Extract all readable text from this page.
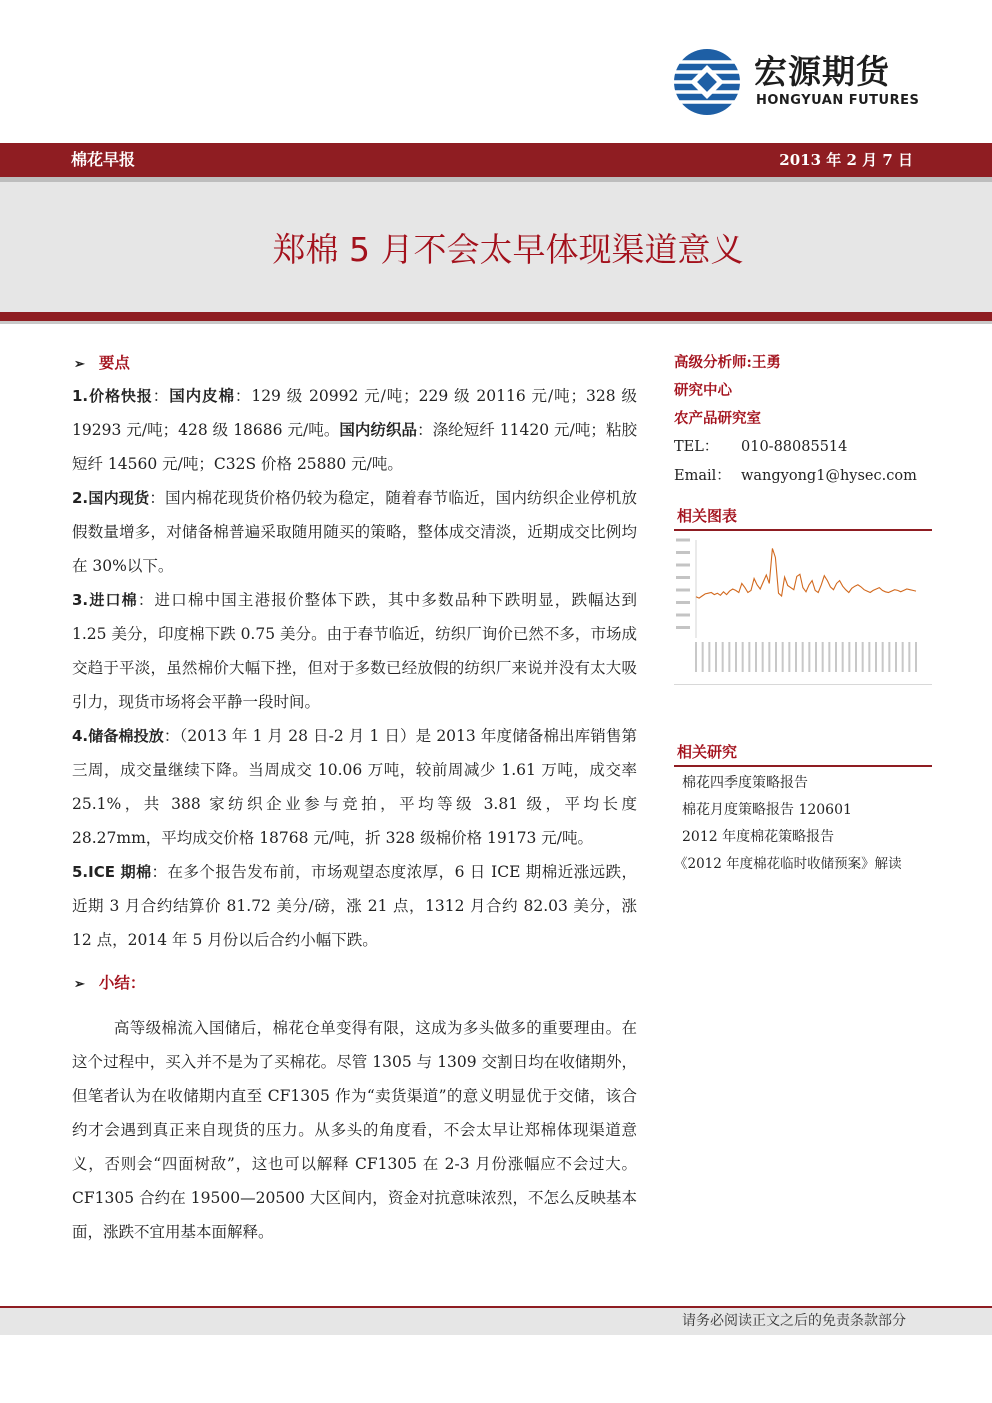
宏源期货
HONGYUAN FUTURES
棉花早报	2013 年 2 月 7 日
郑棉 5 月不会太早体现渠道意义
➢ 要点

1.价格快报：国内皮棉：129 级 20992 元/吨；229 级 20116 元/吨；328 级 19293 元/吨；428 级 18686 元/吨。国内纺织品：涤纶短纤 11420 元/吨；粘胶短纤 14560 元/吨；C32S 价格 25880 元/吨。

2.国内现货：国内棉花现货价格仍较为稳定，随着春节临近，国内纺织企业停机放假数量增多，对储备棉普遍采取随用随买的策略，整体成交清淡，近期成交比例均在 30%以下。

3.进口棉：进口棉中国主港报价整体下跌，其中多数品种下跌明显，跌幅达到 1.25 美分，印度棉下跌 0.75 美分。由于春节临近，纺织厂询价已然不多，市场成交趋于平淡，虽然棉价大幅下挫，但对于多数已经放假的纺织厂来说并没有太大吸引力，现货市场将会平静一段时间。

4.储备棉投放：（2013 年 1 月 28 日-2 月 1 日）是 2013 年度储备棉出库销售第三周，成交量继续下降。当周成交 10.06 万吨，较前周减少 1.61 万吨，成交率 25.1%，共 388 家纺织企业参与竞拍，平均等级 3.81 级，平均长度 28.27mm，平均成交价格 18768 元/吨，折 328 级棉价格 19173 元/吨。

5.ICE 期棉：在多个报告发布前，市场观望态度浓厚，6 日 ICE 期棉近涨远跌，近期 3 月合约结算价 81.72 美分/磅，涨 21 点，1312 月合约 82.03 美分，涨 12 点，2014 年 5 月份以后合约小幅下跌。

➢ 小结：

高等级棉流入国储后，棉花仓单变得有限，这成为多头做多的重要理由。在这个过程中，买入并不是为了买棉花。尽管 1305 与 1309 交割日均在收储期外，但笔者认为在收储期内直至 CF1305 作为“卖货渠道”的意义明显优于交储，该合约才会遇到真正来自现货的压力。从多头的角度看，不会太早让郑棉体现渠道意义，否则会“四面树敌”，这也可以解释 CF1305 在 2-3 月份涨幅应不会过大。CF1305 合约在 19500—20500 大区间内，资金对抗意味浓烈，不怎么反映基本面，涨跌不宜用基本面解释。

高级分析师:王勇
研究中心
农产品研究室
TEL： 010-88085514
Email： wangyong1@hysec.com
相关图表
相关研究
棉花四季度策略报告
棉花月度策略报告 120601
2012 年度棉花策略报告
《2012 年度棉花临时收储预案》解读
请务必阅读正文之后的免责条款部分
